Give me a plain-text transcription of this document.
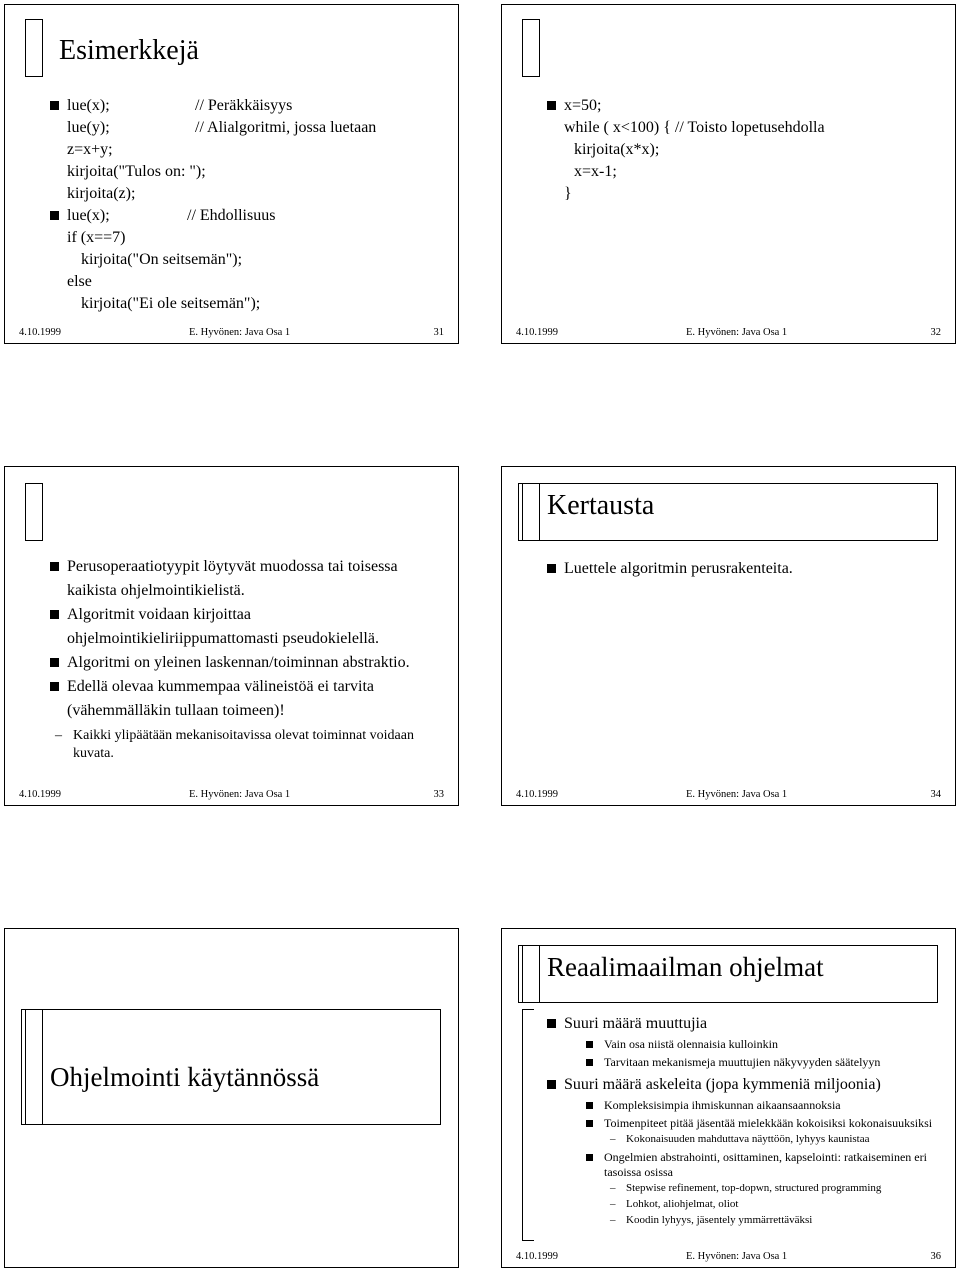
Esimerkkejä
lue(x);	// Peräkkäisyys
lue(y);	// Alialgoritmi, jossa luetaan
z=x+y;
kirjoita("Tulos on: ");
kirjoita(z);
lue(x);	// Ehdollisuus
if (x==7)
kirjoita("On seitsemän");
else
kirjoita("Ei ole seitsemän");
4.10.1999	E. Hyvönen: Java Osa 1	31
x=50;
while ( x<100) { // Toisto lopetusehdolla
kirjoita(x*x);
x=x-1;
}
4.10.1999	E. Hyvönen: Java Osa 1	32
Perusoperaatiotyypit löytyvät muodossa tai toisessa kaikista ohjelmointikielistä.
Algoritmit voidaan kirjoittaa ohjelmointikieliriippumattomasti pseudokielellä.
Algoritmi on yleinen laskennan/toiminnan abstraktio.
Edellä olevaa kummempaa välineistöä ei tarvita (vähemmälläkin tullaan toimeen)!
– Kaikki ylipäätään mekanisoitavissa olevat toiminnat voidaan kuvata.
4.10.1999	E. Hyvönen: Java Osa 1	33
Kertausta
Luettele algoritmin perusrakenteita.
4.10.1999	E. Hyvönen: Java Osa 1	34
Ohjelmointi käytännössä
Reaalimaailman ohjelmat
Suuri määrä muuttujia
Vain osa niistä olennaisia kulloinkin
Tarvitaan mekanismeja muuttujien näkyvyyden säätelyyn
Suuri määrä askeleita (jopa kymmeniä miljoonia)
Kompleksisimpia ihmiskunnan aikaansaannoksia
Toimenpiteet pitää jäsentää mielekkään kokoisiksi kokonaisuuksiksi
– Kokonaisuuden mahduttava näyttöön, lyhyys kaunistaa
Ongelmien abstrahointi, osittaminen, kapselointi: ratkaiseminen eri tasoissa osissa
– Stepwise refinement, top-dopwn, structured programming
– Lohkot, aliohjelmat, oliot
– Koodin lyhyys, jäsentely ymmärrettäväksi
4.10.1999	E. Hyvönen: Java Osa 1	36
